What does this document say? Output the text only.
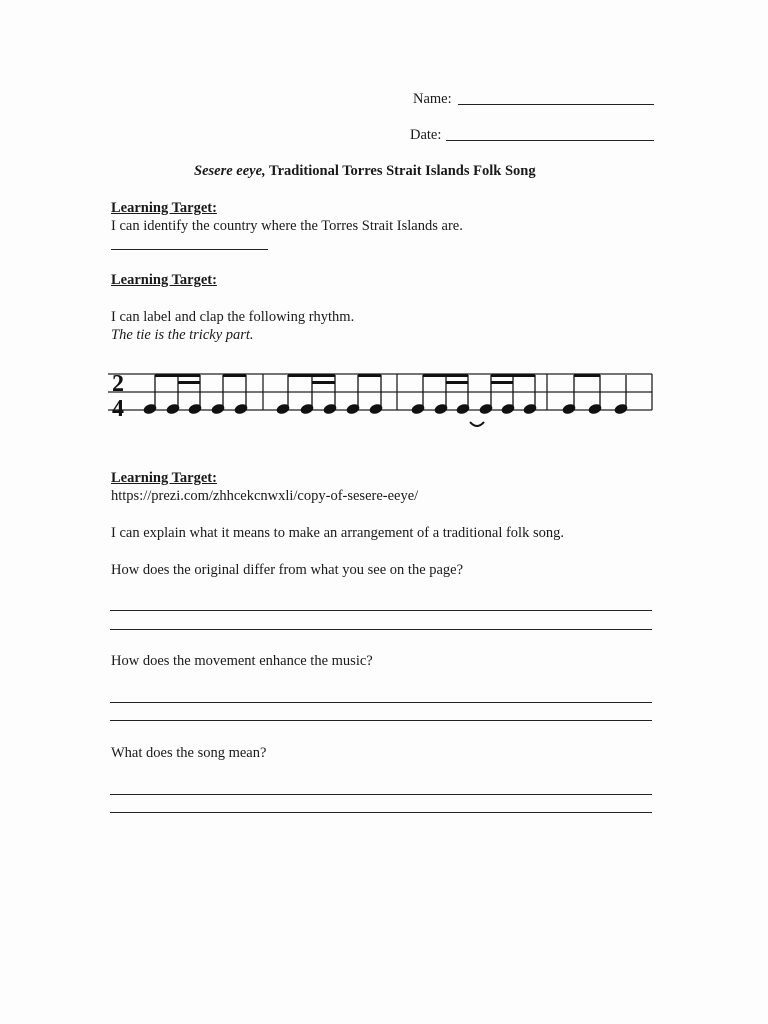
Name:
Date:
Sesere eeye, Traditional Torres Strait Islands Folk Song
Learning Target:
I can identify the country where the Torres Strait Islands are.
Learning Target:
I can label and clap the following rhythm.
The tie is the tricky part.
2
4
Learning Target:
https://prezi.com/zhhcekcnwxli/copy-of-sesere-eeye/
I can explain what it means to make an arrangement of a traditional folk song.
How does the original differ from what you see on the page?
How does the movement enhance the music?
What does the song mean?
